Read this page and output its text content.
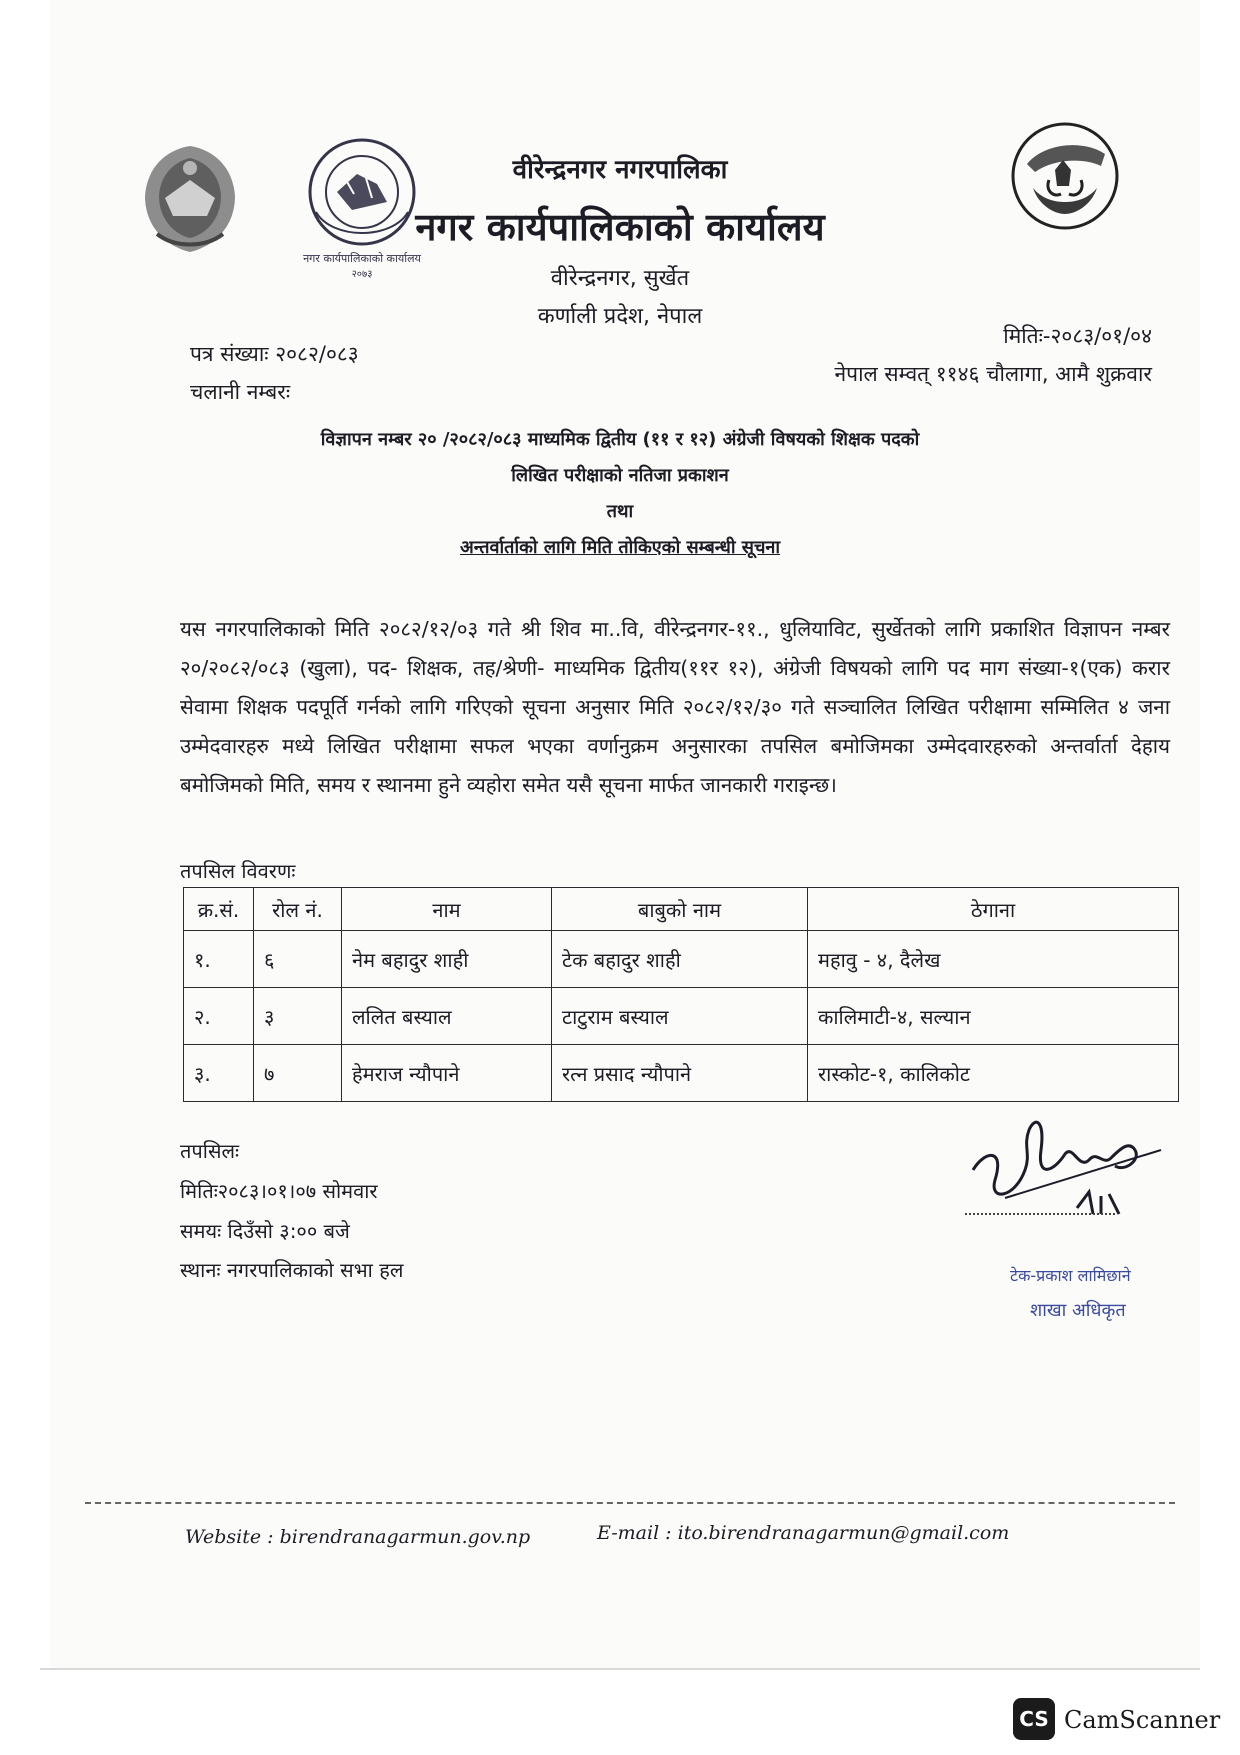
नगर कार्यपालिकाको कार्यालय
२०७३
वीरेन्द्रनगर नगरपालिका
नगर कार्यपालिकाको कार्यालय
वीरेन्द्रनगर, सुर्खेत
कर्णाली प्रदेश, नेपाल
पत्र संख्याः २०८२/०८३
चलानी नम्बरः
मितिः-२०८३/०१/०४
नेपाल सम्वत् ११४६ चौलागा, आमै शुक्रवार
विज्ञापन नम्बर २० /२०८२/०८३ माध्यमिक द्वितीय (११ र १२) अंग्रेजी विषयको शिक्षक पदको
लिखित परीक्षाको नतिजा प्रकाशन
तथा
अन्तर्वार्ताको लागि मिति तोकिएको सम्बन्धी सूचना
यस नगरपालिकाको मिति २०८२/१२/०३ गते श्री शिव मा..वि, वीरेन्द्रनगर-११., धुलियाविट, सुर्खेतको लागि प्रकाशित विज्ञापन नम्बर २०/२०८२/०८३ (खुला), पद- शिक्षक, तह/श्रेणी- माध्यमिक द्वितीय(११र १२), अंग्रेजी विषयको लागि पद माग संख्या-१(एक) करार सेवामा शिक्षक पदपूर्ति गर्नको लागि गरिएको सूचना अनुसार मिति २०८२/१२/३० गते सञ्चालित लिखित परीक्षामा सम्मिलित ४ जना उम्मेदवारहरु मध्ये लिखित परीक्षामा सफल भएका वर्णानुक्रम अनुसारका तपसिल बमोजिमका उम्मेदवारहरुको अन्तर्वार्ता देहाय बमोजिमको मिति, समय र स्थानमा हुने व्यहोरा समेत यसै सूचना मार्फत जानकारी गराइन्छ।
तपसिल विवरणः
क्र.सं.	रोल नं.	नाम	बाबुको नाम	ठेगाना
१.	६	नेम बहादुर शाही	टेक बहादुर शाही	महावु - ४, दैलेख
२.	३	ललित बस्याल	टाटुराम बस्याल	कालिमाटी-४, सल्यान
३.	७	हेमराज न्यौपाने	रत्न प्रसाद न्यौपाने	रास्कोट-१, कालिकोट
तपसिलः
मितिः२०८३।०१।०७ सोमवार
समयः दिउँसो ३:०० बजे
स्थानः नगरपालिकाको सभा हल	टेक-प्रकाश लामिछाने
शाखा अधिकृत
Website : birendranagarmun.gov.np	E-mail : ito.birendranagarmun@gmail.com
CS CamScanner
